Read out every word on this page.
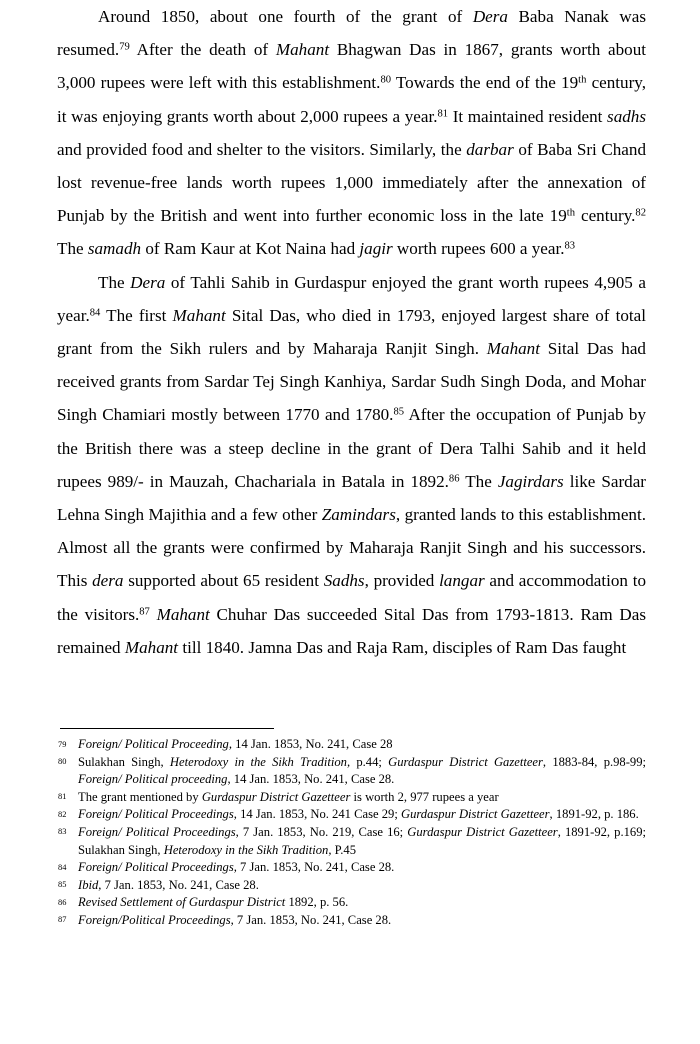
Around 1850, about one fourth of the grant of Dera Baba Nanak was resumed.$^{79}$ After the death of Mahant Bhagwan Das in 1867, grants worth about 3,000 rupees were left with this establishment.$^{80}$ Towards the end of the 19th century, it was enjoying grants worth about 2,000 rupees a year.$^{81}$ It maintained resident sadhs and provided food and shelter to the visitors. Similarly, the darbar of Baba Sri Chand lost revenue-free lands worth rupees 1,000 immediately after the annexation of Punjab by the British and went into further economic loss in the late 19th century.$^{82}$ The samadh of Ram Kaur at Kot Naina had jagir worth rupees 600 a year.$^{83}$

The Dera of Tahli Sahib in Gurdaspur enjoyed the grant worth rupees 4,905 a year.$^{84}$ The first Mahant Sital Das, who died in 1793, enjoyed largest share of total grant from the Sikh rulers and by Maharaja Ranjit Singh. Mahant Sital Das had received grants from Sardar Tej Singh Kanhiya, Sardar Sudh Singh Doda, and Mohar Singh Chamiari mostly between 1770 and 1780.85 After the occupation of Punjab by the British there was a steep decline in the grant of Dera Talhi Sahib and it held rupees 989/- in Mauzah, Chachariala in Batala in 1892.86 The Jagirdars like Sardar Lehna Singh Majithia and a few other Zamindars, granted lands to this establishment. Almost all the grants were confirmed by Maharaja Ranjit Singh and his successors. This dera supported about 65 resident Sadhs, provided langar and accommodation to the visitors.$^{87}$ Mahant Chuhar Das succeeded Sital Das from 1793-1813. Ram Das remained Mahant till 1840. Jamna Das and Raja Ram, disciples of Ram Das faught

79 Foreign/ Political Proceeding, 14 Jan. 1853, No. 241, Case 28
80 Sulakhan Singh, Heterodoxy in the Sikh Tradition, p.44; Gurdaspur District Gazetteer, 1883-84, p.98-99; Foreign/ Political proceeding, 14 Jan. 1853, No. 241, Case 28.
81 The grant mentioned by Gurdaspur District Gazetteer is worth 2, 977 rupees a year
82 Foreign/ Political Proceedings, 14 Jan. 1853, No. 241 Case 29; Gurdaspur District Gazetteer, 1891-92, p. 186.
83 Foreign/ Political Proceedings, 7 Jan. 1853, No. 219, Case 16; Gurdaspur District Gazetteer, 1891-92, p.169; Sulakhan Singh, Heterodoxy in the Sikh Tradition, P.45
84 Foreign/ Political Proceedings, 7 Jan. 1853, No. 241, Case 28.
85 Ibid, 7 Jan. 1853, No. 241, Case 28.
86 Revised Settlement of Gurdaspur District 1892, p. 56.
87 Foreign/Political Proceedings, 7 Jan. 1853, No. 241, Case 28.
